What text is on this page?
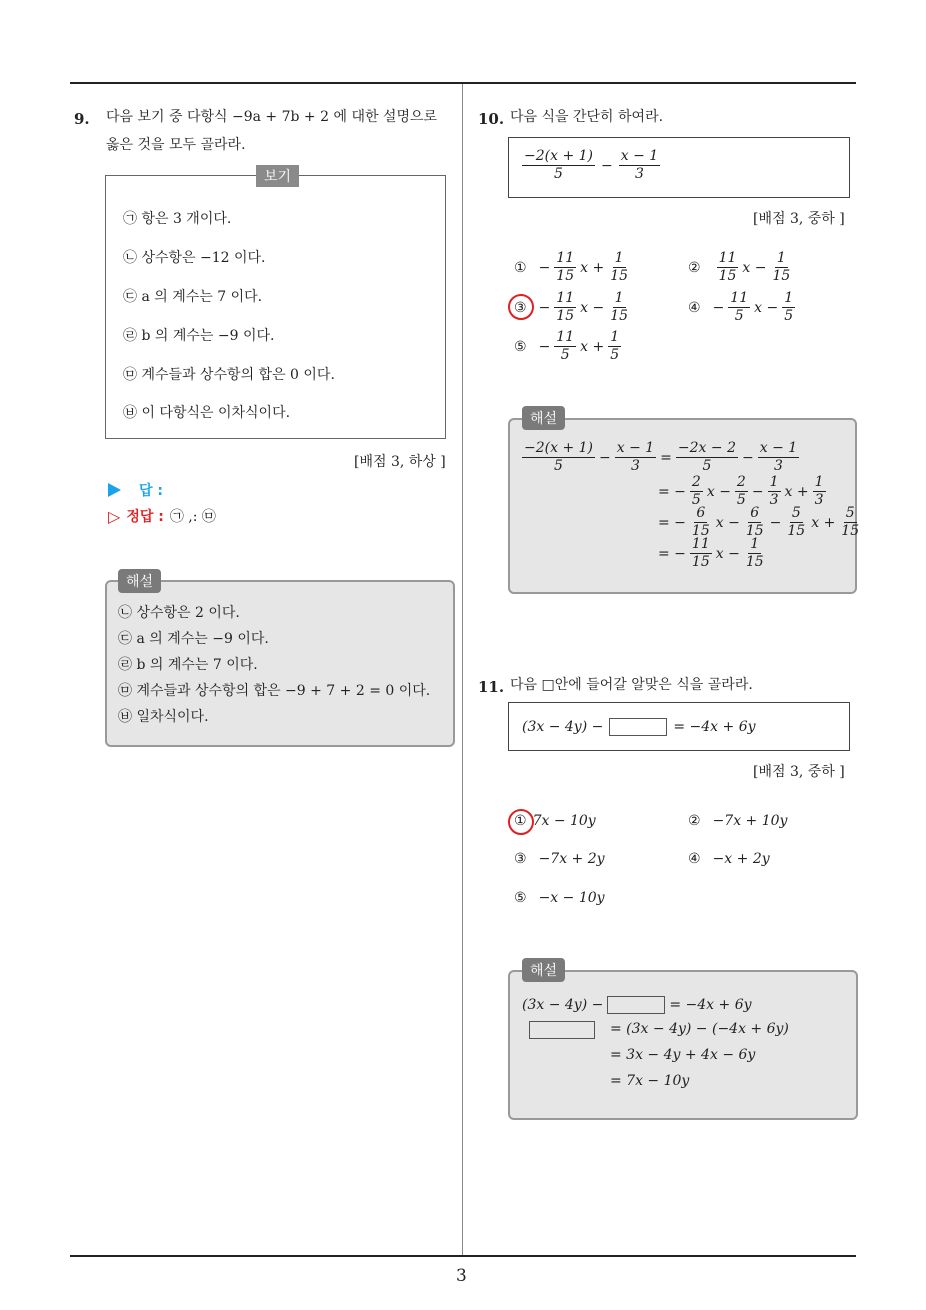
3
9. 다음 보기 중 다항식 −9a + 7b + 2 에 대한 설명으로
옳은 것을 모두 골라라.
보기
㉠ 항은 3 개이다.
㉡ 상수항은 −12 이다.
㉢ a 의 계수는 7 이다.
㉣ b 의 계수는 −9 이다.
㉤ 계수들과 상수항의 합은 0 이다.
㉥ 이 다항식은 이차식이다.
[배점 3, 하상 ]
답 :
▷ 정답 : ㉠ ,: ㉤
해설
㉡ 상수항은 2 이다.
㉢ a 의 계수는 −9 이다.
㉣ b 의 계수는 7 이다.
㉤ 계수들과 상수항의 합은 −9 + 7 + 2 = 0 이다.
㉥ 일차식이다.
10. 다음 식을 간단히 하여라.
$\frac{-2(x + 1)}{5} - \frac{x - 1}{3}$
[배점 3, 중하 ]
① − $\frac{11}{15}$ $x + \frac{1}{15}$	② $\frac{11}{15}$ $x - \frac{1}{15}$
③ − $\frac{11}{15}$ $x - \frac{1}{15}$	④ − $\frac{11}{5}$ $x - \frac{1}{5}$
⑤ − $\frac{11}{5}$ $x + \frac{1}{5}$
해설
$\frac{-2(x + 1)}{5} - \frac{x - 1}{3} = \frac{-2x - 2}{5} - \frac{x - 1}{3}$
= − $\frac{2}{5}$ $x - \frac{2}{5} - \frac{1}{3}$ $x + \frac{1}{3}$
= − $\frac{6}{15}$ $x - \frac{6}{15} - \frac{5}{15}$ $x + \frac{5}{15}$
= − $\frac{11}{15}$ $x - \frac{1}{15}$
11. 다음 □안에 들어갈 알맞은 식을 골라라.
(3x − 4y) −	= −4x + 6y
[배점 3, 중하 ]
① 7x − 10y	② −7x + 10y
③ −7x + 2y	④ −x + 2y
⑤ −x − 10y
해설
(3x − 4y) −	= −4x + 6y
= (3x − 4y) − (−4x + 6y)
= 3x − 4y + 4x − 6y
= 7x − 10y
